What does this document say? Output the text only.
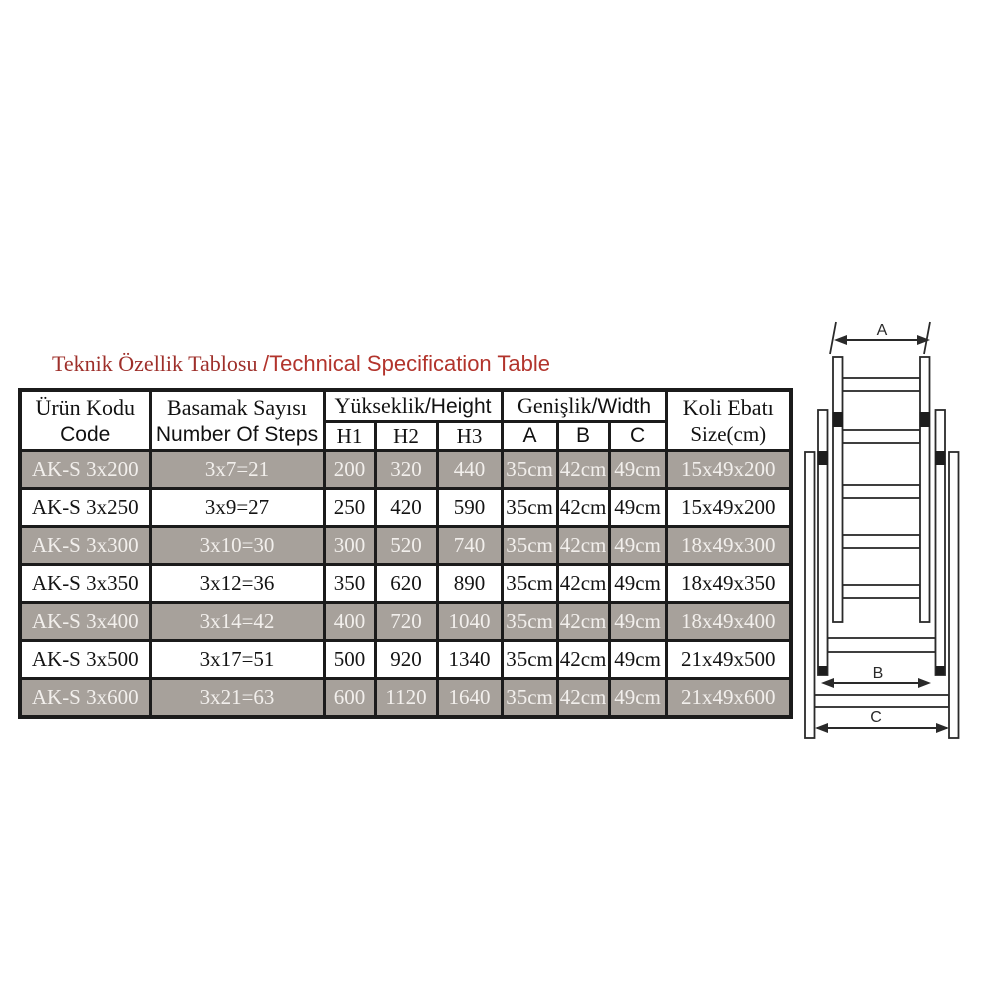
Teknik Özellik Tablosu /Technical Specification Table
Ürün Kodu
Code	Basamak Sayısı
Number Of Steps	Yükseklik/Height			Genişlik/Width			Koli Ebatı
Size(cm)

		H1	H2	H3	A	B	C	
AK-S 3x200	3x7=21	200	320	440	35cm	42cm	49cm	15x49x200
AK-S 3x250	3x9=27	250	420	590	35cm	42cm	49cm	15x49x200
AK-S 3x300	3x10=30	300	520	740	35cm	42cm	49cm	18x49x300
AK-S 3x350	3x12=36	350	620	890	35cm	42cm	49cm	18x49x350
AK-S 3x400	3x14=42	400	720	1040	35cm	42cm	49cm	18x49x400
AK-S 3x500	3x17=51	500	920	1340	35cm	42cm	49cm	21x49x500
AK-S 3x600	3x21=63	600	1120	1640	35cm	42cm	49cm	21x49x600
A
B
C
